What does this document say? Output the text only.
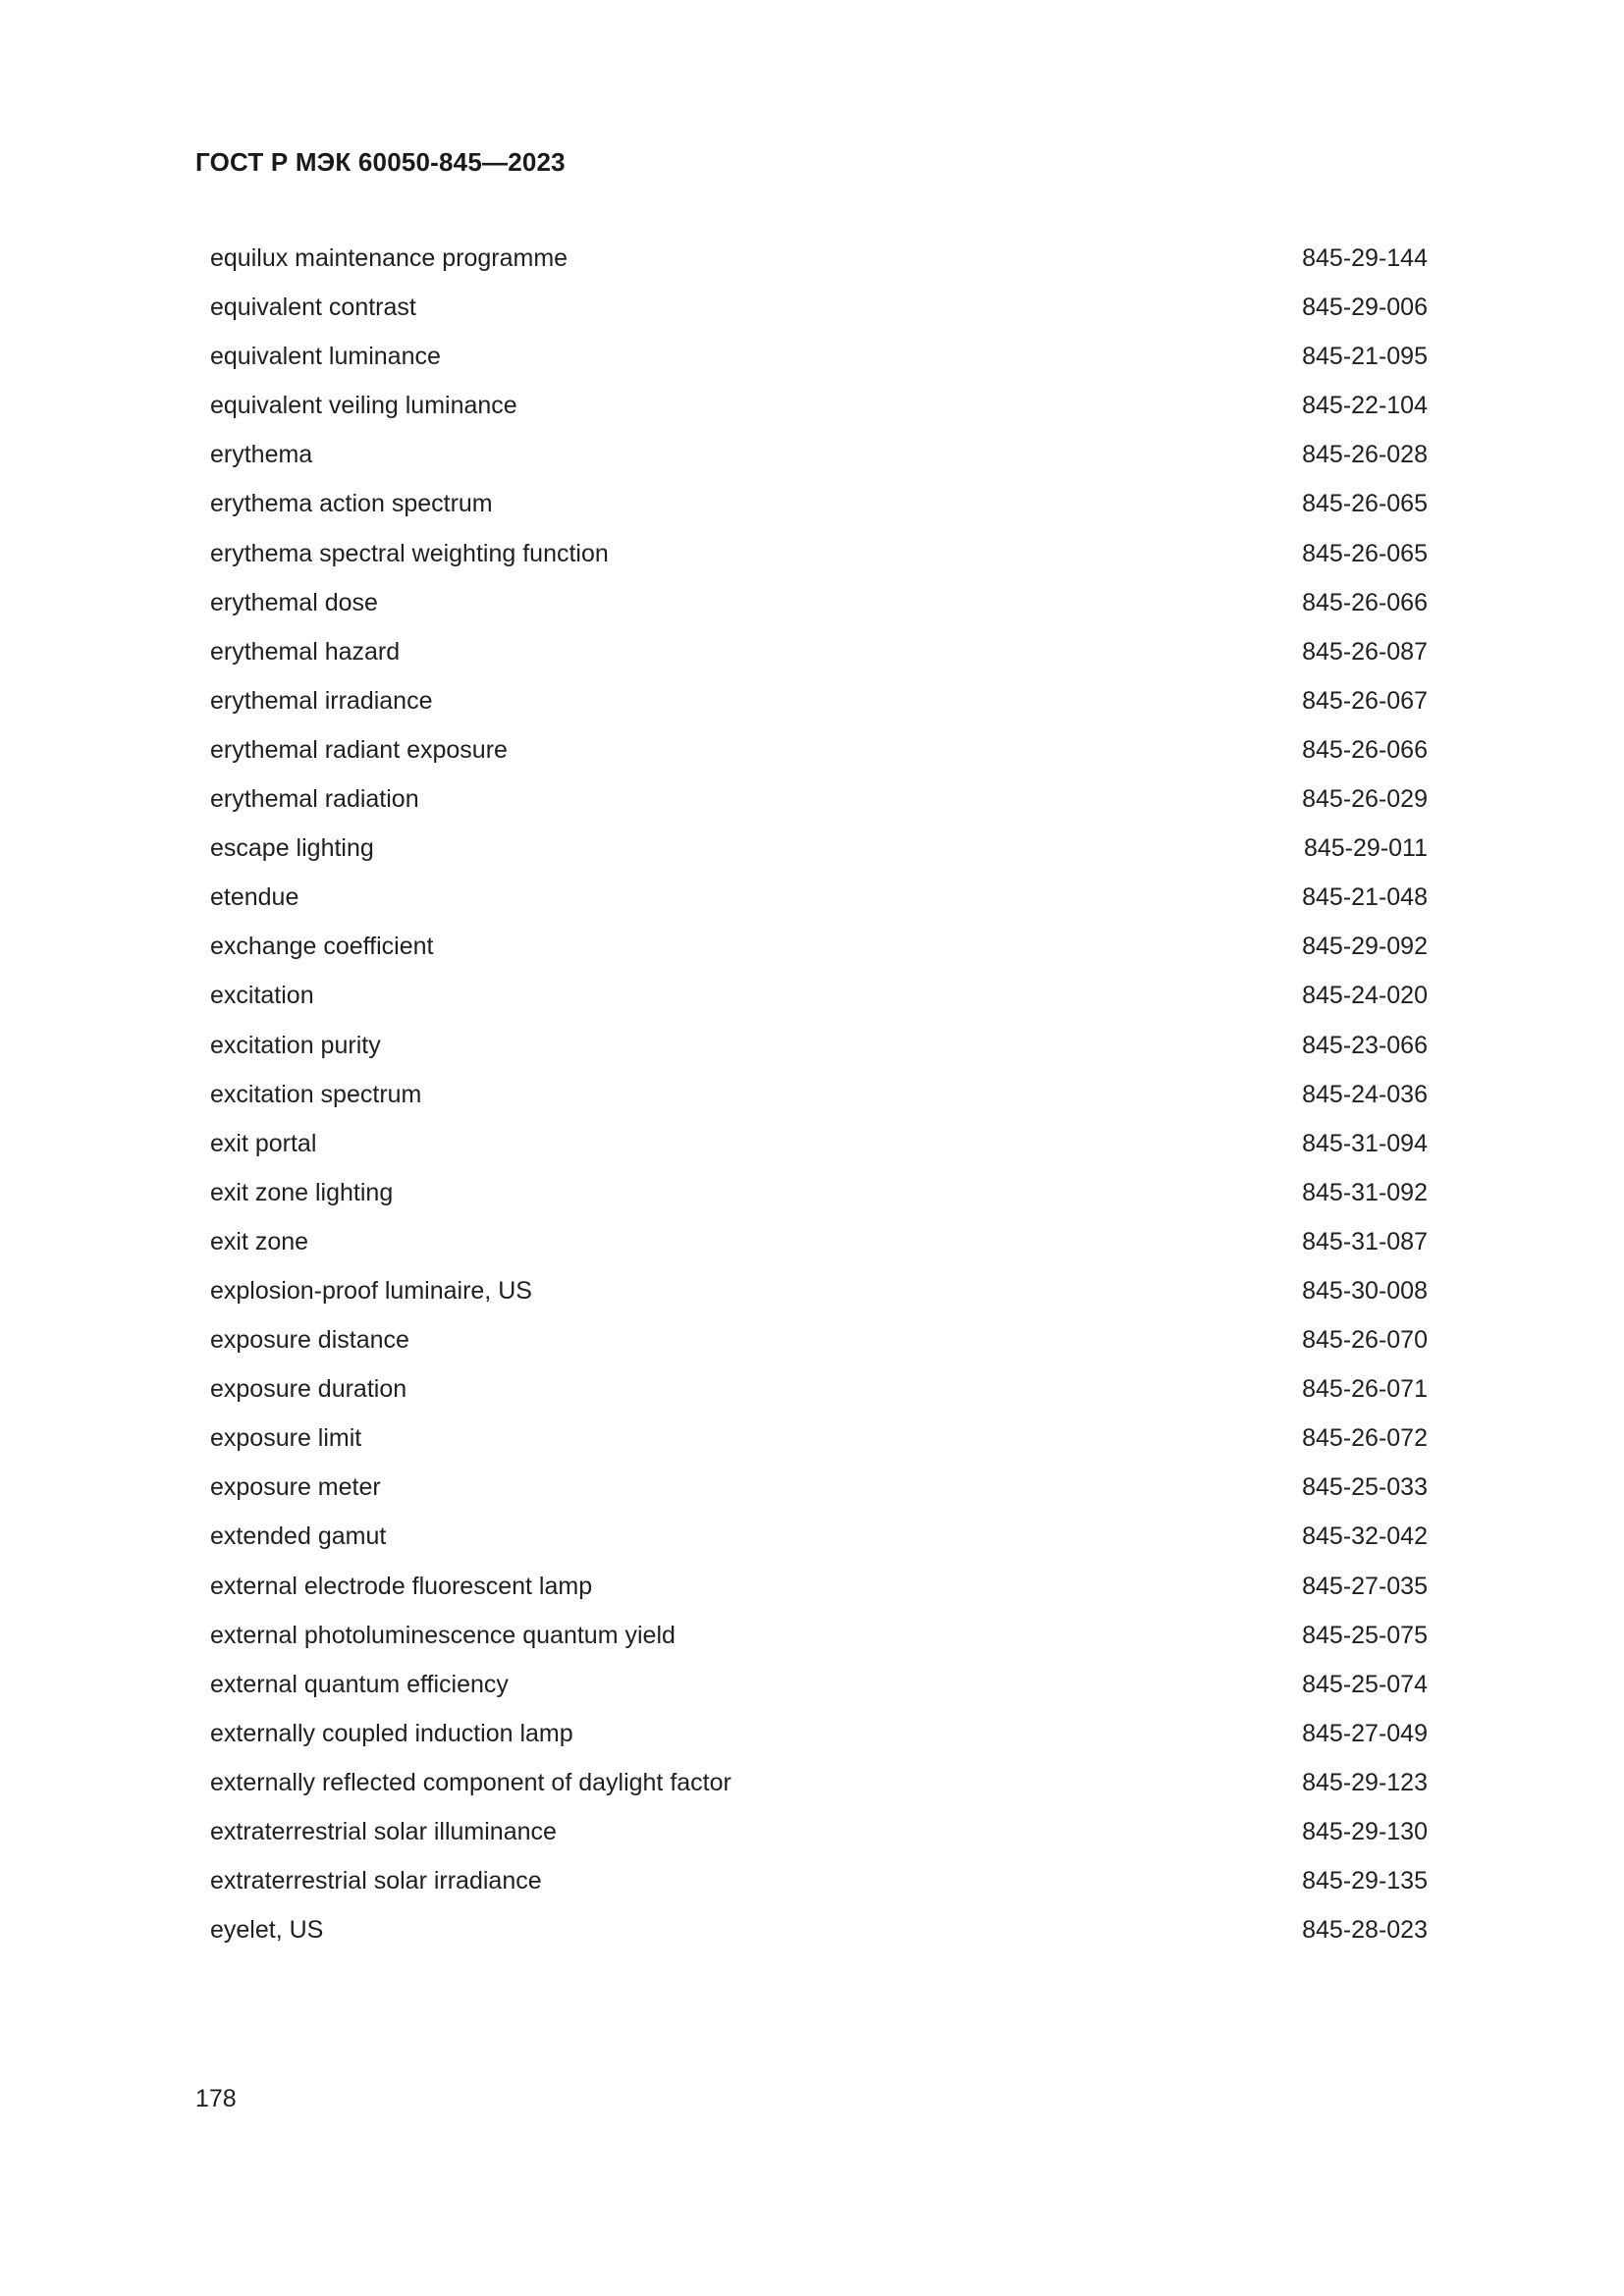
ГОСТ Р МЭК 60050-845—2023
equilux maintenance programme	845-29-144
equivalent contrast	845-29-006
equivalent luminance	845-21-095
equivalent veiling luminance	845-22-104
erythema	845-26-028
erythema action spectrum	845-26-065
erythema spectral weighting function	845-26-065
erythemal dose	845-26-066
erythemal hazard	845-26-087
erythemal irradiance	845-26-067
erythemal radiant exposure	845-26-066
erythemal radiation	845-26-029
escape lighting	845-29-011
etendue	845-21-048
exchange coefficient	845-29-092
excitation	845-24-020
excitation purity	845-23-066
excitation spectrum	845-24-036
exit portal	845-31-094
exit zone lighting	845-31-092
exit zone	845-31-087
explosion-proof luminaire, US	845-30-008
exposure distance	845-26-070
exposure duration	845-26-071
exposure limit	845-26-072
exposure meter	845-25-033
extended gamut	845-32-042
external electrode fluorescent lamp	845-27-035
external photoluminescence quantum yield	845-25-075
external quantum efficiency	845-25-074
externally coupled induction lamp	845-27-049
externally reflected component of daylight factor	845-29-123
extraterrestrial solar illuminance	845-29-130
extraterrestrial solar irradiance	845-29-135
eyelet, US	845-28-023
178
